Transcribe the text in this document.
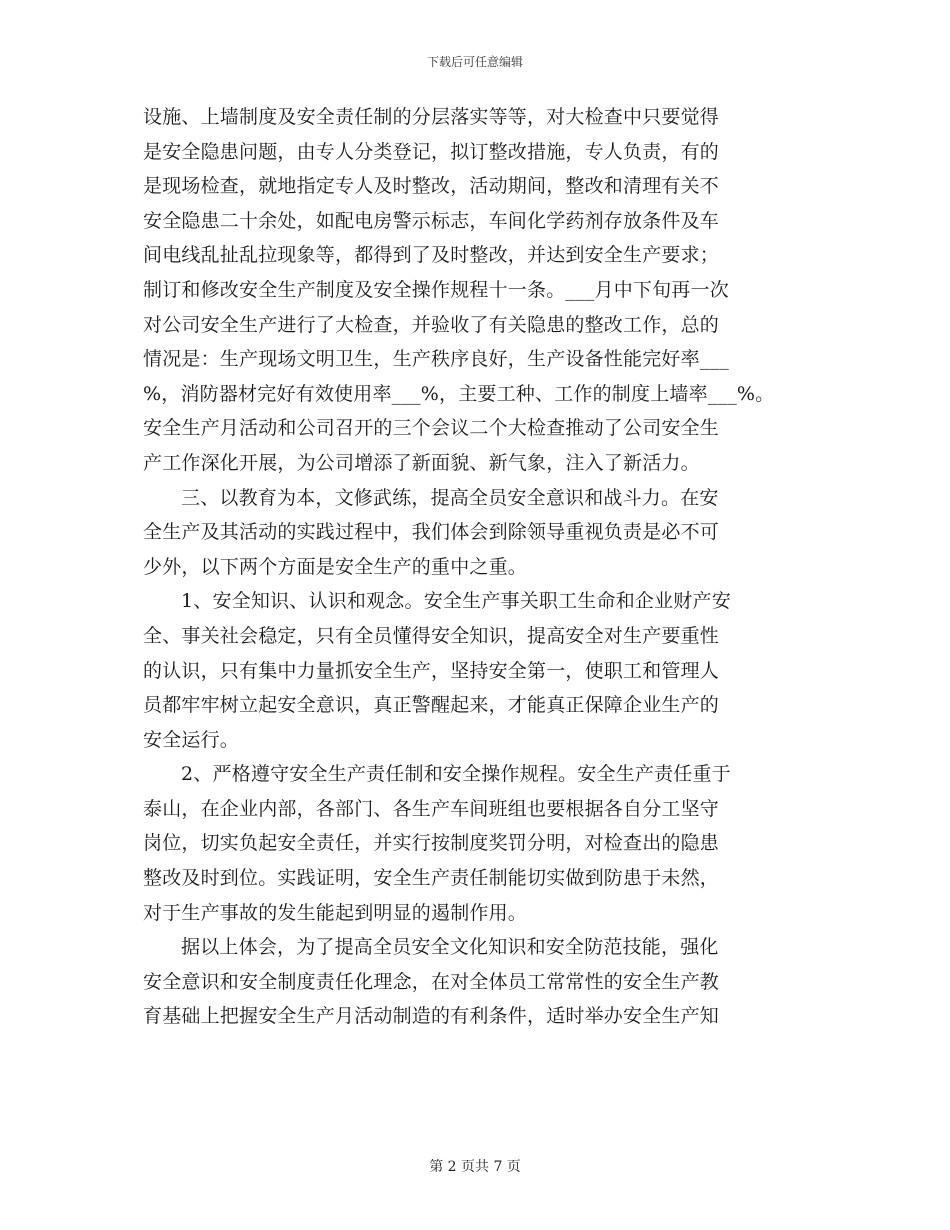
下载后可任意编辑
设施、上墙制度及安全责任制的分层落实等等，对大检查中只要觉得
是安全隐患问题，由专人分类登记，拟订整改措施，专人负责，有的
是现场检查，就地指定专人及时整改，活动期间，整改和清理有关不
安全隐患二十余处，如配电房警示标志，车间化学药剂存放条件及车
间电线乱扯乱拉现象等，都得到了及时整改，并达到安全生产要求；
制订和修改安全生产制度及安全操作规程十一条。___月中下旬再一次
对公司安全生产进行了大检查，并验收了有关隐患的整改工作，总的
情况是：生产现场文明卫生，生产秩序良好，生产设备性能完好率___
%，消防器材完好有效使用率___%，主要工种、工作的制度上墙率___%。
安全生产月活动和公司召开的三个会议二个大检查推动了公司安全生
产工作深化开展，为公司增添了新面貌、新气象，注入了新活力。
三、以教育为本，文修武练，提高全员安全意识和战斗力。在安
全生产及其活动的实践过程中，我们体会到除领导重视负责是必不可
少外，以下两个方面是安全生产的重中之重。
1、安全知识、认识和观念。安全生产事关职工生命和企业财产安
全、事关社会稳定，只有全员懂得安全知识，提高安全对生产要重性
的认识，只有集中力量抓安全生产，坚持安全第一，使职工和管理人
员都牢牢树立起安全意识，真正警醒起来，才能真正保障企业生产的
安全运行。
2、严格遵守安全生产责任制和安全操作规程。安全生产责任重于
泰山，在企业内部，各部门、各生产车间班组也要根据各自分工坚守
岗位，切实负起安全责任，并实行按制度奖罚分明，对检查出的隐患
整改及时到位。实践证明，安全生产责任制能切实做到防患于未然，
对于生产事故的发生能起到明显的遏制作用。
据以上体会，为了提高全员安全文化知识和安全防范技能，强化
安全意识和安全制度责任化理念，在对全体员工常常性的安全生产教
育基础上把握安全生产月活动制造的有利条件，适时举办安全生产知
第 2 页共 7 页
